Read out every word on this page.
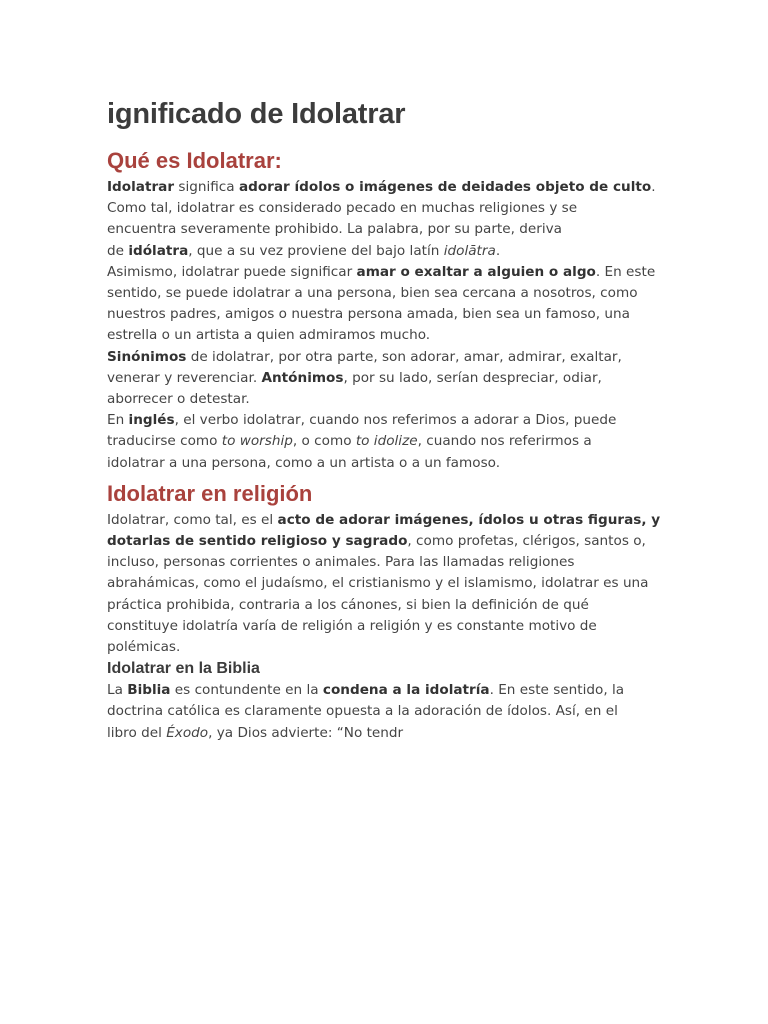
ignificado de Idolatrar
Qué es Idolatrar:

Idolatrar significa adorar ídolos o imágenes de deidades objeto de culto.
Como tal, idolatrar es considerado pecado en muchas religiones y se
encuentra severamente prohibido. La palabra, por su parte, deriva
de idólatra, que a su vez proviene del bajo latín idolātra.

Asimismo, idolatrar puede significar amar o exaltar a alguien o algo. En este
sentido, se puede idolatrar a una persona, bien sea cercana a nosotros, como
nuestros padres, amigos o nuestra persona amada, bien sea un famoso, una
estrella o un artista a quien admiramos mucho.

Sinónimos de idolatrar, por otra parte, son adorar, amar, admirar, exaltar,
venerar y reverenciar. Antónimos, por su lado, serían despreciar, odiar,
aborrecer o detestar.

En inglés, el verbo idolatrar, cuando nos referimos a adorar a Dios, puede
traducirse como to worship, o como to idolize, cuando nos referirmos a
idolatrar a una persona, como a un artista o a un famoso.

Idolatrar en religión

Idolatrar, como tal, es el acto de adorar imágenes, ídolos u otras figuras, y
dotarlas de sentido religioso y sagrado, como profetas, clérigos, santos o,
incluso, personas corrientes o animales. Para las llamadas religiones
abrahámicas, como el judaísmo, el cristianismo y el islamismo, idolatrar es una
práctica prohibida, contraria a los cánones, si bien la definición de qué
constituye idolatría varía de religión a religión y es constante motivo de
polémicas.

Idolatrar en la Biblia

La Biblia es contundente en la condena a la idolatría. En este sentido, la
doctrina católica es claramente opuesta a la adoración de ídolos. Así, en el
libro del Éxodo, ya Dios advierte: “No tendr
